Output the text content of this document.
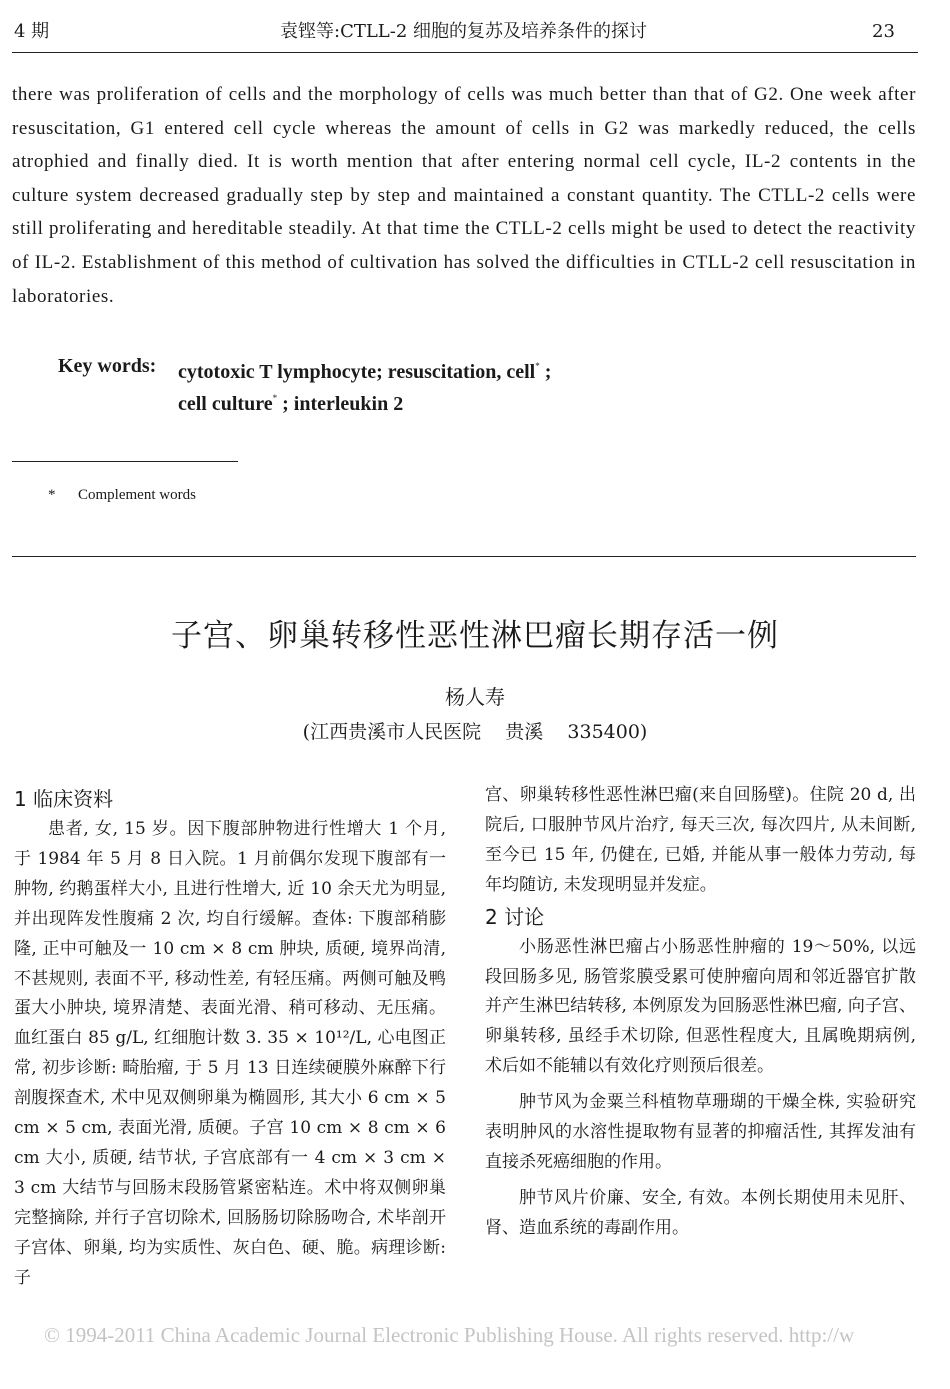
4 期	袁铿等:CTLL-2 细胞的复苏及培养条件的探讨	23

there was proliferation of cells and the morphology of cells was much better than that of G2. One week after resuscitation, G1 entered cell cycle whereas the amount of cells in G2 was markedly reduced, the cells atrophied and finally died. It is worth mention that after entering normal cell cycle, IL-2 contents in the culture system decreased gradually step by step and maintained a constant quantity. The CTLL-2 cells were still proliferating and hereditable steadily. At that time the CTLL-2 cells might be used to detect the reactivity of IL-2. Establishment of this method of cultivation has solved the difficulties in CTLL-2 cell resuscitation in laboratories.

Key words: cytotoxic T lymphocyte; resuscitation, cell* ;
cell culture* ; interleukin 2
* Complement words
子宫、卵巢转移性恶性淋巴瘤长期存活一例
杨人寿
(江西贵溪市人民医院    贵溪    335400)
1 临床资料

患者, 女, 15 岁。因下腹部肿物进行性增大 1 个月, 于 1984 年 5 月 8 日入院。1 月前偶尔发现下腹部有一肿物, 约鹅蛋样大小, 且进行性增大, 近 10 余天尤为明显, 并出现阵发性腹痛 2 次, 均自行缓解。查体: 下腹部稍膨隆, 正中可触及一 10 cm × 8 cm 肿块, 质硬, 境界尚清, 不甚规则, 表面不平, 移动性差, 有轻压痛。两侧可触及鸭蛋大小肿块, 境界清楚、表面光滑、稍可移动、无压痛。血红蛋白 85 g/L, 红细胞计数 3. 35 × 10¹²/L, 心电图正常, 初步诊断: 畸胎瘤, 于 5 月 13 日连续硬膜外麻醉下行剖腹探查术, 术中见双侧卵巢为椭圆形, 其大小 6 cm × 5 cm × 5 cm, 表面光滑, 质硬。子宫 10 cm × 8 cm × 6 cm 大小, 质硬, 结节状, 子宫底部有一 4 cm × 3 cm × 3 cm 大结节与回肠末段肠管紧密粘连。术中将双侧卵巢完整摘除, 并行子宫切除术, 回肠肠切除肠吻合, 术毕剖开子宫体、卵巢, 均为实质性、灰白色、硬、脆。病理诊断: 子

宫、卵巢转移性恶性淋巴瘤(来自回肠壁)。住院 20 d, 出院后, 口服肿节风片治疗, 每天三次, 每次四片, 从未间断, 至今已 15 年, 仍健在, 已婚, 并能从事一般体力劳动, 每年均随访, 未发现明显并发症。

2 讨论

小肠恶性淋巴瘤占小肠恶性肿瘤的 19～50%, 以远段回肠多见, 肠管浆膜受累可使肿瘤向周和邻近器官扩散并产生淋巴结转移, 本例原发为回肠恶性淋巴瘤, 向子宫、卵巢转移, 虽经手术切除, 但恶性程度大, 且属晚期病例, 术后如不能辅以有效化疗则预后很差。

肿节风为金粟兰科植物草珊瑚的干燥全株, 实验研究表明肿风的水溶性提取物有显著的抑瘤活性, 其挥发油有直接杀死癌细胞的作用。

肿节风片价廉、安全, 有效。本例长期使用未见肝、肾、造血系统的毒副作用。

© 1994-2011 China Academic Journal Electronic Publishing House. All rights reserved. http://w
